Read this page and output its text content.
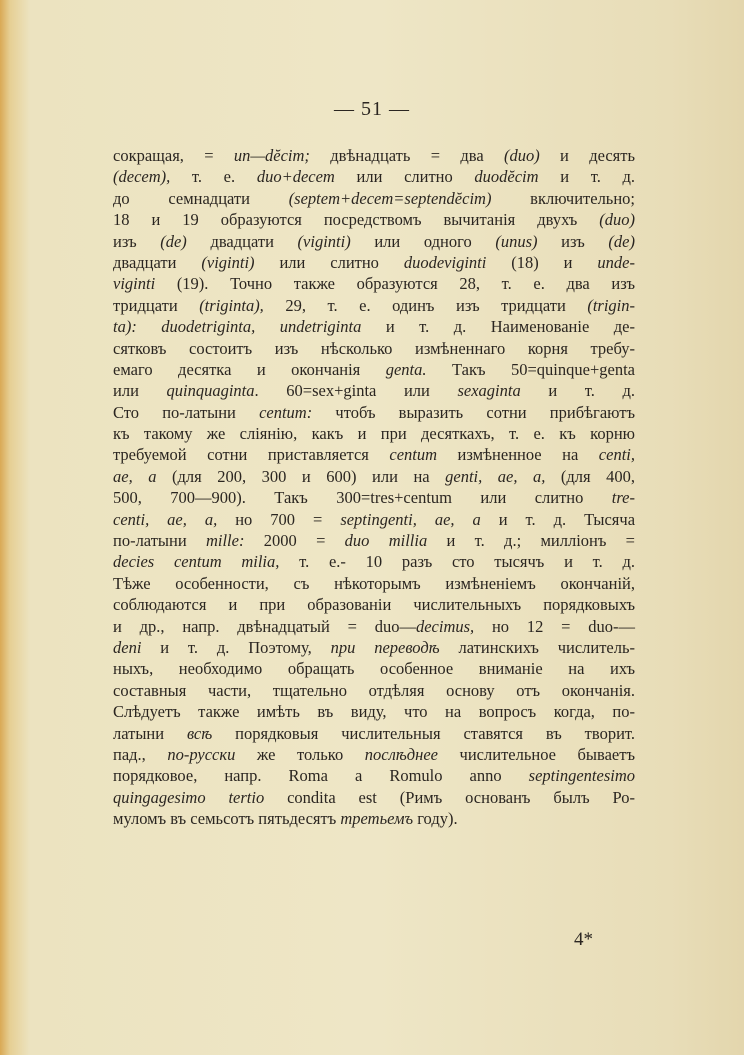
— 51 —
сокращая, = un—dĕcim; двѣнадцать = два (duo) и десять
(decem), т. е. duo+decem или слитно duodĕcim и т. д.
до семнадцати (septem+decem=septendĕcim) включительно;
18 и 19 образуются посредствомъ вычитанія двухъ (duo)
изъ (de) двадцати (viginti) или одного (unus) изъ (de)
двадцати (viginti) или слитно duodeviginti (18) и unde-
viginti (19). Точно также образуются 28, т. е. два изъ
тридцати (triginta), 29, т. е. одинъ изъ тридцати (trigin-
ta): duodetriginta, undetriginta и т. д. Наименованіе де-
сятковъ состоитъ изъ нѣсколько измѣненнаго корня требу-
емаго десятка и окончанія genta. Такъ 50=quinque+genta
или quinquaginta. 60=sex+ginta или sexaginta и т. д.
Сто по-латыни centum: чтобъ выразить сотни прибѣгаютъ
къ такому же сліянію, какъ и при десяткахъ, т. е. къ корню
требуемой сотни приставляется centum измѣненное на centi,
ae, a (для 200, 300 и 600) или на genti, ae, a, (для 400,
500, 700—900). Такъ 300=tres+centum или слитно tre-
centi, ae, a, но 700 = septingenti, ae, a и т. д. Тысяча
по-латыни mille: 2000 = duo millia и т. д.; милліонъ =
decies centum milia, т. е.- 10 разъ сто тысячъ и т. д.
Тѣже особенности, съ нѣкоторымъ измѣненіемъ окончаній,
соблюдаются и при образованіи числительныхъ порядковыхъ
и др., напр. двѣнадцатый = duo—decimus, но 12 = duo-—
deni и т. д. Поэтому, при переводѣ латинскихъ числитель-
ныхъ, необходимо обращать особенное вниманіе на ихъ
составныя части, тщательно отдѣляя основу отъ окончанія.
Слѣдуетъ также имѣть въ виду, что на вопросъ когда, по-
латыни всѣ порядковыя числительныя ставятся въ творит.
пад., по-русски же только послѣднее числительное бываетъ
порядковое, напр. Roma a Romulo anno septingentesimo
quingagesimo tertio condita est (Римъ основанъ былъ Ро-
муломъ въ семьсотъ пятьдесятъ третьемъ году).
4*
